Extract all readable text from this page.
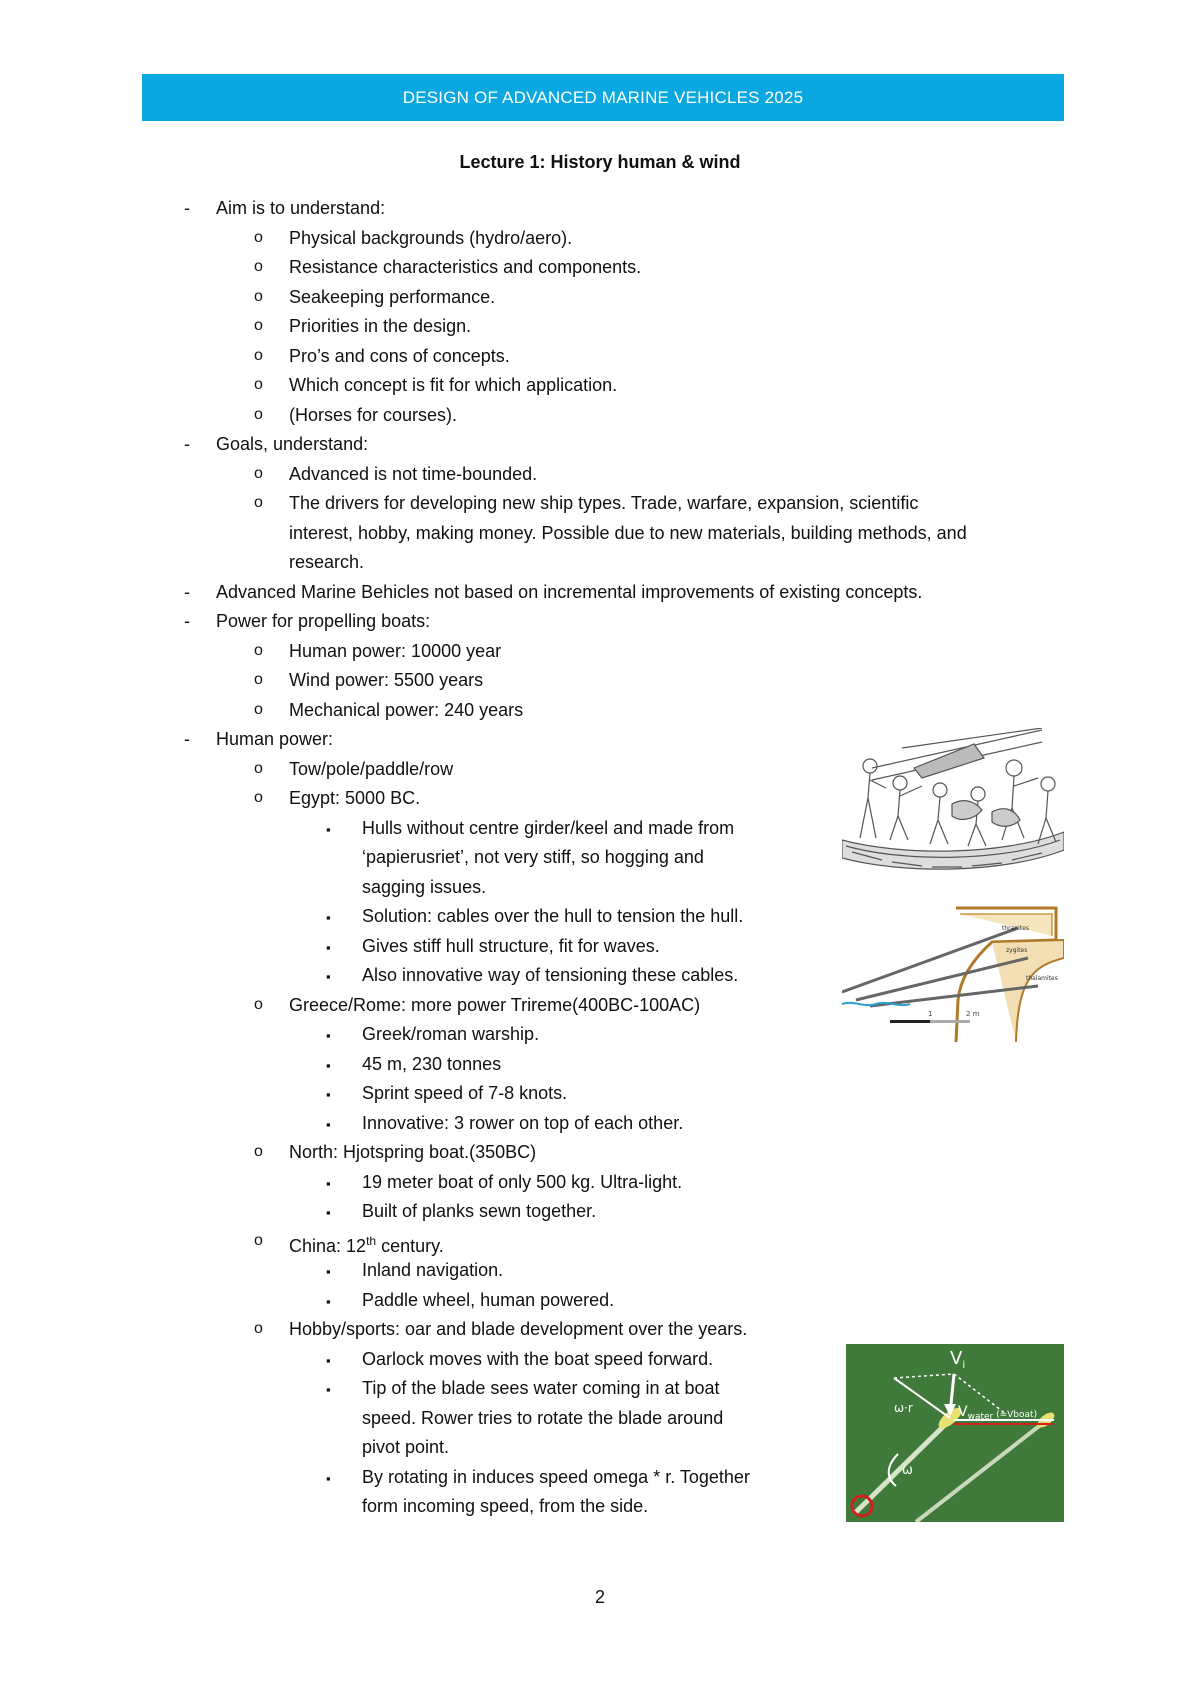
DESIGN OF ADVANCED MARINE VEHICLES 2025
Lecture 1: History human & wind
- Aim is to understand:
o Physical backgrounds (hydro/aero).
o Resistance characteristics and components.
o Seakeeping performance.
o Priorities in the design.
o Pro’s and cons of concepts.
o Which concept is fit for which application.
o (Horses for courses).
- Goals, understand:
o Advanced is not time-bounded.
o The drivers for developing new ship types. Trade, warfare, expansion, scientific
interest, hobby, making money. Possible due to new materials, building methods, and
research.
- Advanced Marine Behicles not based on incremental improvements of existing concepts.
- Power for propelling boats:
o Human power: 10000 year
o Wind power: 5500 years
o Mechanical power: 240 years
- Human power:
o Tow/pole/paddle/row
o Egypt: 5000 BC.
▪ Hulls without centre girder/keel and made from
‘papierusriet’, not very stiff, so hogging and
sagging issues.
▪ Solution: cables over the hull to tension the hull.
▪ Gives stiff hull structure, fit for waves.
▪ Also innovative way of tensioning these cables.
o Greece/Rome: more power Trireme(400BC-100AC)
▪ Greek/roman warship.
▪ 45 m, 230 tonnes
▪ Sprint speed of 7-8 knots.
▪ Innovative: 3 rower on top of each other.
o North: Hjotspring boat.(350BC)
▪ 19 meter boat of only 500 kg. Ultra-light.
▪ Built of planks sewn together.
o China: 12th century.
▪ Inland navigation.
▪ Paddle wheel, human powered.
o Hobby/sports: oar and blade development over the years.
▪ Oarlock moves with the boat speed forward.
▪ Tip of the blade sees water coming in at boat
speed. Rower tries to rotate the blade around
pivot point.
▪ By rotating in induces speed omega * r. Together
form incoming speed, from the side.
1	2 m
thranites
zygites
thalamites
$V_i$
ω·r
ω
$V_{water}$ (=Vboat)
2
